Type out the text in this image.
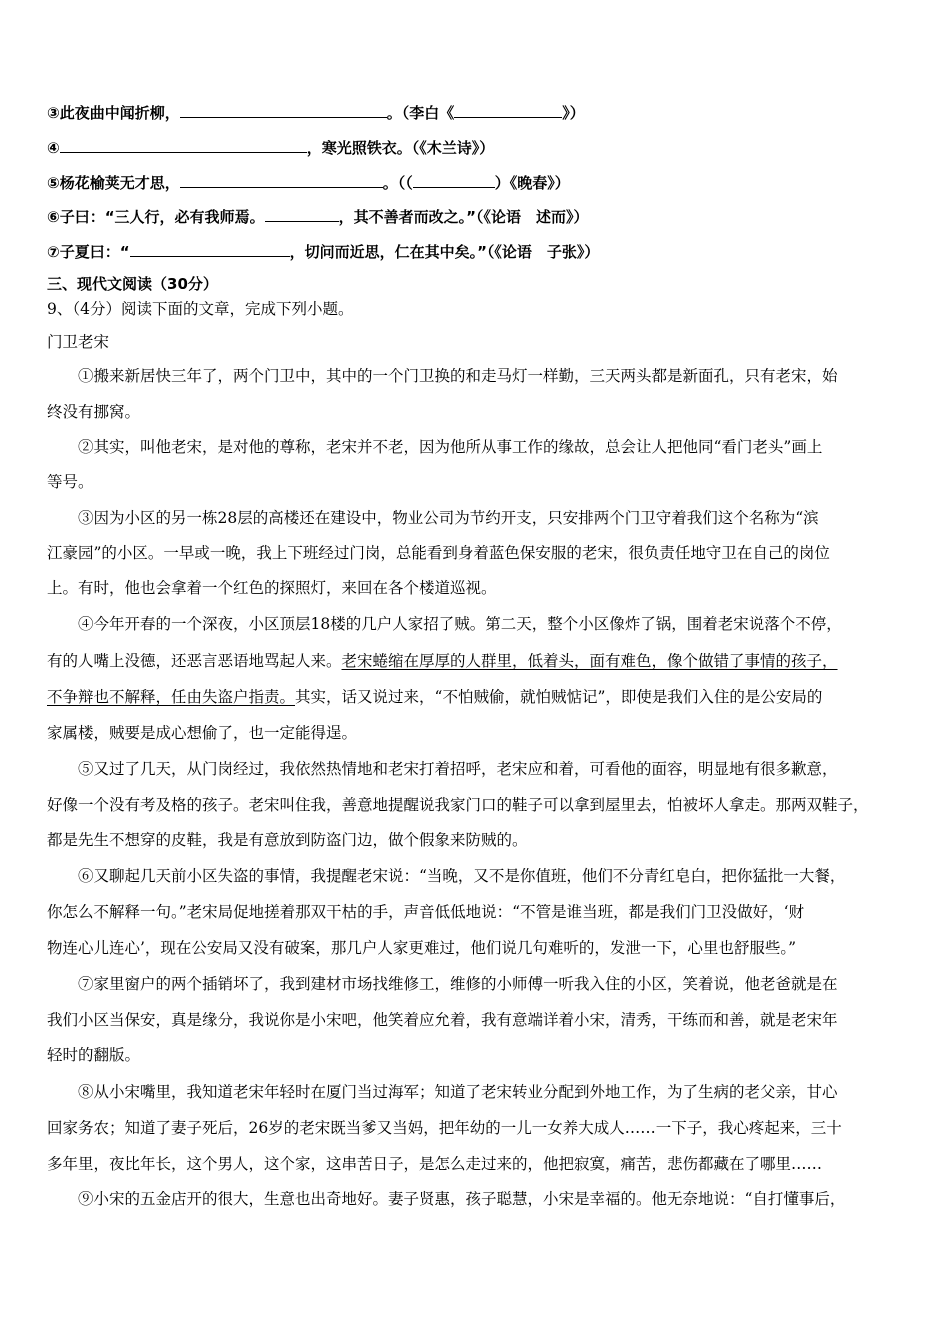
③此夜曲中闻折柳，	。（李白《	》）
④	，寒光照铁衣。（《木兰诗》）
⑤杨花榆荚无才思，	。（（	）《晚春》）
⑥子曰：“三人行，必有我师焉。	，其不善者而改之。”（《论语　述而》）
⑦子夏曰：“	，切问而近思，仁在其中矣。”（《论语　子张》）
三、现代文阅读（30分）
9、（4分）阅读下面的文章，完成下列小题。
门卫老宋
①搬来新居快三年了，两个门卫中，其中的一个门卫换的和走马灯一样勤，三天两头都是新面孔，只有老宋，始
终没有挪窝。
②其实，叫他老宋，是对他的尊称，老宋并不老，因为他所从事工作的缘故，总会让人把他同“看门老头”画上
等号。
③因为小区的另一栋28层的高楼还在建设中，物业公司为节约开支，只安排两个门卫守着我们这个名称为“滨
江豪园”的小区。一早或一晚，我上下班经过门岗，总能看到身着蓝色保安服的老宋，很负责任地守卫在自己的岗位
上。有时，他也会拿着一个红色的探照灯，来回在各个楼道巡视。
④今年开春的一个深夜，小区顶层18楼的几户人家招了贼。第二天，整个小区像炸了锅，围着老宋说落个不停，
有的人嘴上没德，还恶言恶语地骂起人来。老宋蜷缩在厚厚的人群里，低着头，面有难色，像个做错了事情的孩子，
不争辩也不解释，任由失盗户指责。其实，话又说过来，“不怕贼偷，就怕贼惦记”，即使是我们入住的是公安局的
家属楼，贼要是成心想偷了，也一定能得逞。
⑤又过了几天，从门岗经过，我依然热情地和老宋打着招呼，老宋应和着，可看他的面容，明显地有很多歉意，
好像一个没有考及格的孩子。老宋叫住我，善意地提醒说我家门口的鞋子可以拿到屋里去，怕被坏人拿走。那两双鞋子，
都是先生不想穿的皮鞋，我是有意放到防盗门边，做个假象来防贼的。
⑥又聊起几天前小区失盗的事情，我提醒老宋说：“当晚，又不是你值班，他们不分青红皂白，把你猛批一大餐，
你怎么不解释一句。”老宋局促地搓着那双干枯的手，声音低低地说：“不管是谁当班，都是我们门卫没做好，‘财
物连心儿连心’，现在公安局又没有破案，那几户人家更难过，他们说几句难听的，发泄一下，心里也舒服些。”
⑦家里窗户的两个插销坏了，我到建材市场找维修工，维修的小师傅一听我入住的小区，笑着说，他老爸就是在
我们小区当保安，真是缘分，我说你是小宋吧，他笑着应允着，我有意端详着小宋，清秀，干练而和善，就是老宋年
轻时的翻版。
⑧从小宋嘴里，我知道老宋年轻时在厦门当过海军；知道了老宋转业分配到外地工作，为了生病的老父亲，甘心
回家务农；知道了妻子死后，26岁的老宋既当爹又当妈，把年幼的一儿一女养大成人……一下子，我心疼起来，三十
多年里，夜比年长，这个男人，这个家，这串苦日子，是怎么走过来的，他把寂寞，痛苦，悲伤都藏在了哪里……
⑨小宋的五金店开的很大，生意也出奇地好。妻子贤惠，孩子聪慧，小宋是幸福的。他无奈地说：“自打懂事后，
